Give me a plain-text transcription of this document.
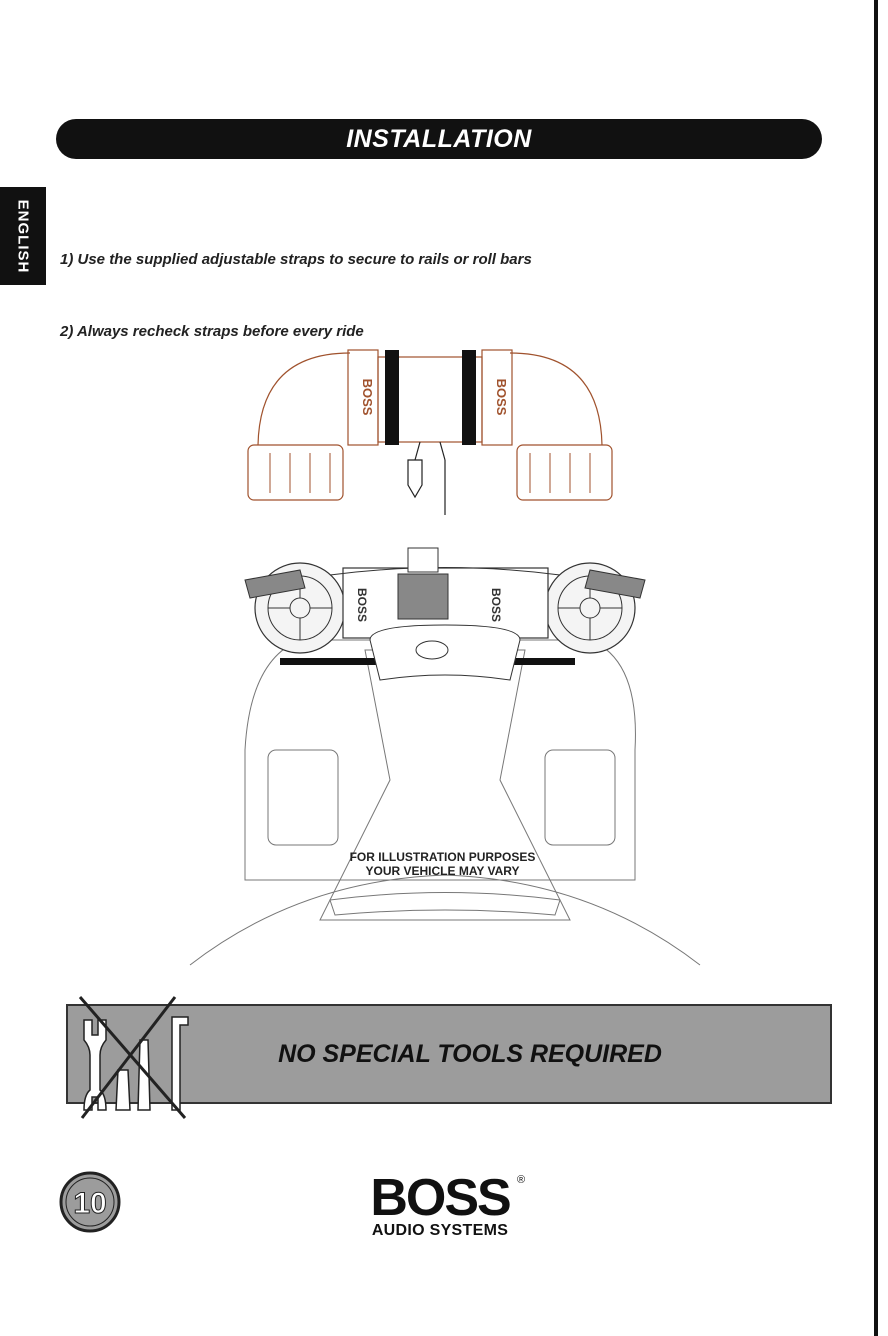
INSTALLATION
ENGLISH 1) Use the supplied adjustable straps to secure to rails or roll bars
2) Always recheck straps before every ride
BOSS	BOSS
BOSS	BOSS
FOR ILLUSTRATION PURPOSES
YOUR VEHICLE MAY VARY
NO SPECIAL TOOLS REQUIRED
10	BOSS ®
AUDIO SYSTEMS
